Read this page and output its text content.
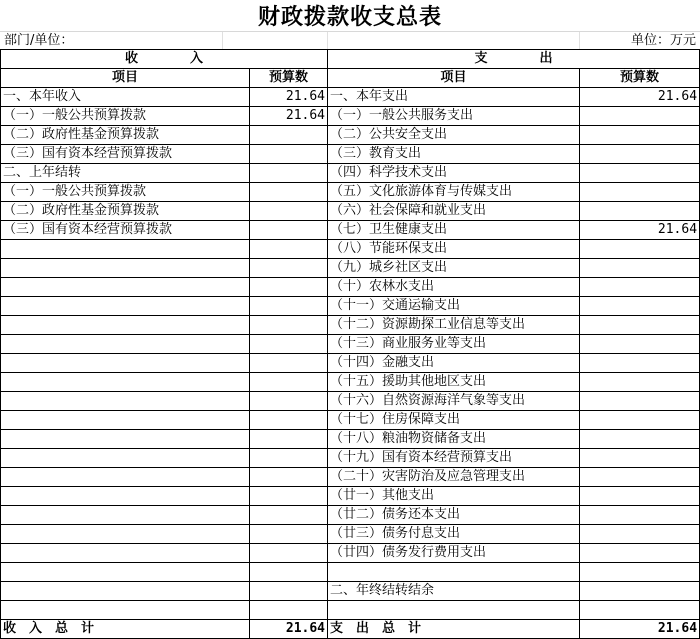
财政拨款收支总表
部门/单位：	单位：万元
收　　　　入		支　　　　出	
项目	预算数	项目	预算数
一、本年收入	21.64	一、本年支出	21.64
（一）一般公共预算拨款	21.64	（一）一般公共服务支出	
（二）政府性基金预算拨款		（二）公共安全支出	
（三）国有资本经营预算拨款		（三）教育支出	
二、上年结转		（四）科学技术支出	
（一）一般公共预算拨款		（五）文化旅游体育与传媒支出	
（二）政府性基金预算拨款		（六）社会保障和就业支出	
（三）国有资本经营预算拨款		（七）卫生健康支出	21.64
		（八）节能环保支出	
		（九）城乡社区支出	
		（十）农林水支出	
		（十一）交通运输支出	
		（十二）资源勘探工业信息等支出	
		（十三）商业服务业等支出	
		（十四）金融支出	
		（十五）援助其他地区支出	
		（十六）自然资源海洋气象等支出	
		（十七）住房保障支出	
		（十八）粮油物资储备支出	
		（十九）国有资本经营预算支出	
		（二十）灾害防治及应急管理支出	
		（廿一）其他支出	
		（廿二）债务还本支出	
		（廿三）债务付息支出	
		（廿四）债务发行费用支出	

		二、年终结转结余	

收　入　总　计	21.64	支　出　总　计	21.64
